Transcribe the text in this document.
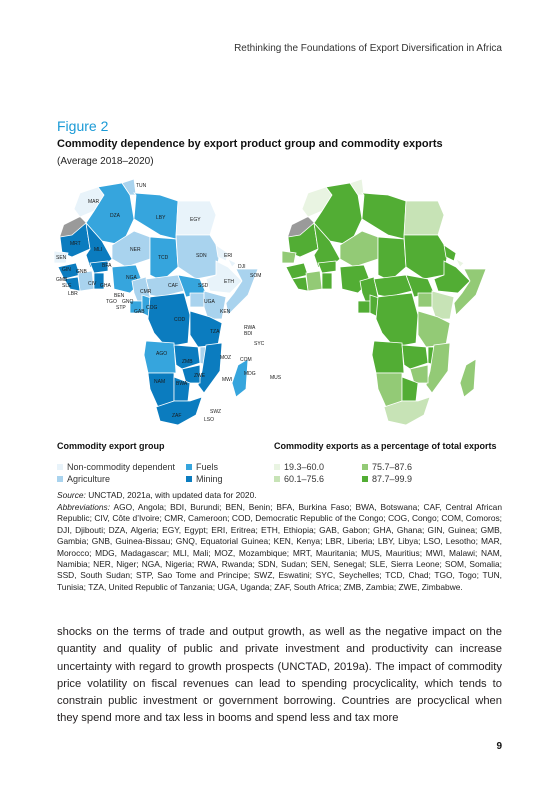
Rethinking the Foundations of Export Diversification in Africa
Figure 2
Commodity dependence by export product group and commodity exports
(Average 2018–2020)
TUN
MAR
DZA	LBY	EGY
MRT
MLI	NER
TCD	SDN	ERI
DJI
SOM
ETH
SEN
GMB
GIN GNB
SLE
LBR
CIV GHA
BFA
TGO
BEN
NGA
CMR
CAF	SSD
GNQ
STP
GAB
COG
COD
UGA
KEN
RWA
BDI
TZA
SYC
AGO
ZMB
MWI
MOZ COM
ZWE
NAM BWA
MDG
MUS
ZAF
SWZ
LSO
Commodity export group
Non-commodity dependent
Agriculture
Fuels
Mining
Commodity exports as a percentage of total exports
19.3–60.0
60.1–75.6
75.7–87.6
87.7–99.9
Source: UNCTAD, 2021a, with updated data for 2020.
Abbreviations: AGO, Angola; BDI, Burundi; BEN, Benin; BFA, Burkina Faso; BWA, Botswana; CAF, Central African Republic; CIV, Côte d’Ivoire; CMR, Cameroon; COD, Democratic Republic of the Congo; COG, Congo; COM, Comoros; DJI, Djibouti; DZA, Algeria; EGY, Egypt; ERI, Eritrea; ETH, Ethiopia; GAB, Gabon; GHA, Ghana; GIN, Guinea; GMB, Gambia; GNB, Guinea-Bissau; GNQ, Equatorial Guinea; KEN, Kenya; LBR, Liberia; LBY, Libya; LSO, Lesotho; MAR, Morocco; MDG, Madagascar; MLI, Mali; MOZ, Mozambique; MRT, Mauritania; MUS, Mauritius; MWI, Malawi; NAM, Namibia; NER, Niger; NGA, Nigeria; RWA, Rwanda; SDN, Sudan; SEN, Senegal; SLE, Sierra Leone; SOM, Somalia; SSD, South Sudan; STP, Sao Tome and Principe; SWZ, Eswatini; SYC, Seychelles; TCD, Chad; TGO, Togo; TUN, Tunisia; TZA, United Republic of Tanzania; UGA, Uganda; ZAF, South Africa; ZMB, Zambia; ZWE, Zimbabwe.
shocks on the terms of trade and output growth, as well as the negative impact on the quantity and quality of public and private investment and productivity can increase uncertainty with regard to growth prospects (UNCTAD, 2019a). The impact of commodity price volatility on fiscal revenues can lead to spending procyclicality, which tends to constrain public investment or government borrowing. Countries are procyclical when they spend more and tax less in booms and spend less and tax more
9
